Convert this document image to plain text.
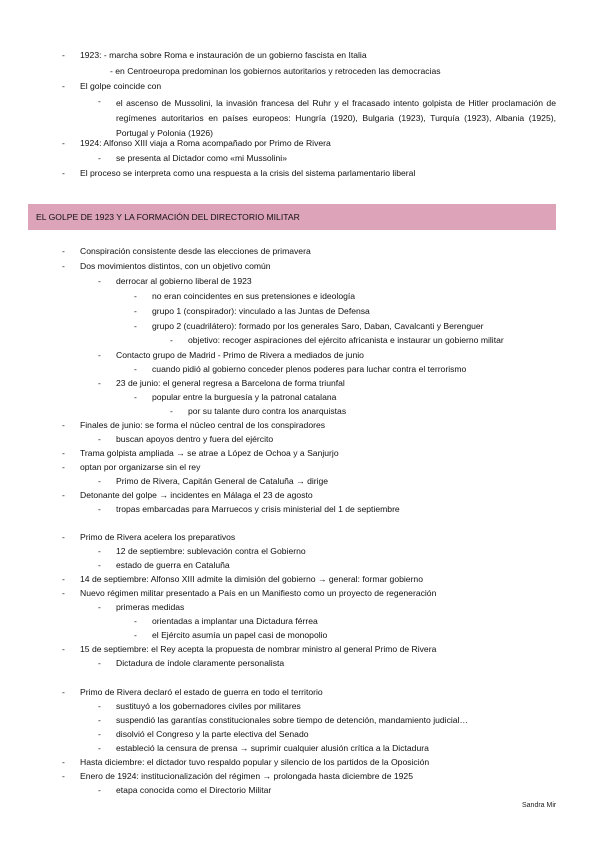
- 1923: - marcha sobre Roma e instauración de un gobierno fascista en Italia
- en Centroeuropa predominan los gobiernos autoritarios y retroceden las democracias
- El golpe coincide con
- el ascenso de Mussolini, la invasión francesa del Ruhr y el fracasado intento golpista de Hitler proclamación de regímenes autoritarios en países europeos: Hungría (1920), Bulgaria (1923), Turquía (1923), Albania (1925), Portugal y Polonia (1926)
- 1924: Alfonso XIII viaja a Roma acompañado por Primo de Rivera
- se presenta al Dictador como «mi Mussolini»
- El proceso se interpreta como una respuesta a la crisis del sistema parlamentario liberal
EL GOLPE DE 1923 Y LA FORMACIÓN DEL DIRECTORIO MILITAR
- Conspiración consistente desde las elecciones de primavera
- Dos movimientos distintos, con un objetivo común
- derrocar al gobierno liberal de 1923
- no eran coincidentes en sus pretensiones e ideología
- grupo 1 (conspirador): vinculado a las Juntas de Defensa
- grupo 2 (cuadrilátero): formado por los generales Saro, Daban, Cavalcanti y Berenguer
- objetivo: recoger aspiraciones del ejército africanista e instaurar un gobierno militar
- Contacto grupo de Madrid - Primo de Rivera a mediados de junio
- cuando pidió al gobierno conceder plenos poderes para luchar contra el terrorismo
- 23 de junio: el general regresa a Barcelona de forma triunfal
- popular entre la burguesía y la patronal catalana
- por su talante duro contra los anarquistas
- Finales de junio: se forma el núcleo central de los conspiradores
- buscan apoyos dentro y fuera del ejército
- Trama golpista ampliada → se atrae a López de Ochoa y a Sanjurjo
- optan por organizarse sin el rey
- Primo de Rivera, Capitán General de Cataluña → dirige
- Detonante del golpe → incidentes en Málaga el 23 de agosto
- tropas embarcadas para Marruecos y crisis ministerial del 1 de septiembre
- Primo de Rivera acelera los preparativos
- 12 de septiembre: sublevación contra el Gobierno
- estado de guerra en Cataluña
- 14 de septiembre: Alfonso XIII admite la dimisión del gobierno → general: formar gobierno
- Nuevo régimen militar presentado a País en un Manifiesto como un proyecto de regeneración
- primeras medidas
- orientadas a implantar una Dictadura férrea
- el Ejército asumía un papel casi de monopolio
- 15 de septiembre: el Rey acepta la propuesta de nombrar ministro al general Primo de Rivera
- Dictadura de índole claramente personalista
- Primo de Rivera declaró el estado de guerra en todo el territorio
- sustituyó a los gobernadores civiles por militares
- suspendió las garantías constitucionales sobre tiempo de detención, mandamiento judicial…
- disolvió el Congreso y la parte electiva del Senado
- estableció la censura de prensa → suprimir cualquier alusión crítica a la Dictadura
- Hasta diciembre: el dictador tuvo respaldo popular y silencio de los partidos de la Oposición
- Enero de 1924: institucionalización del régimen → prolongada hasta diciembre de 1925
- etapa conocida como el Directorio Militar
Sandra Mir
